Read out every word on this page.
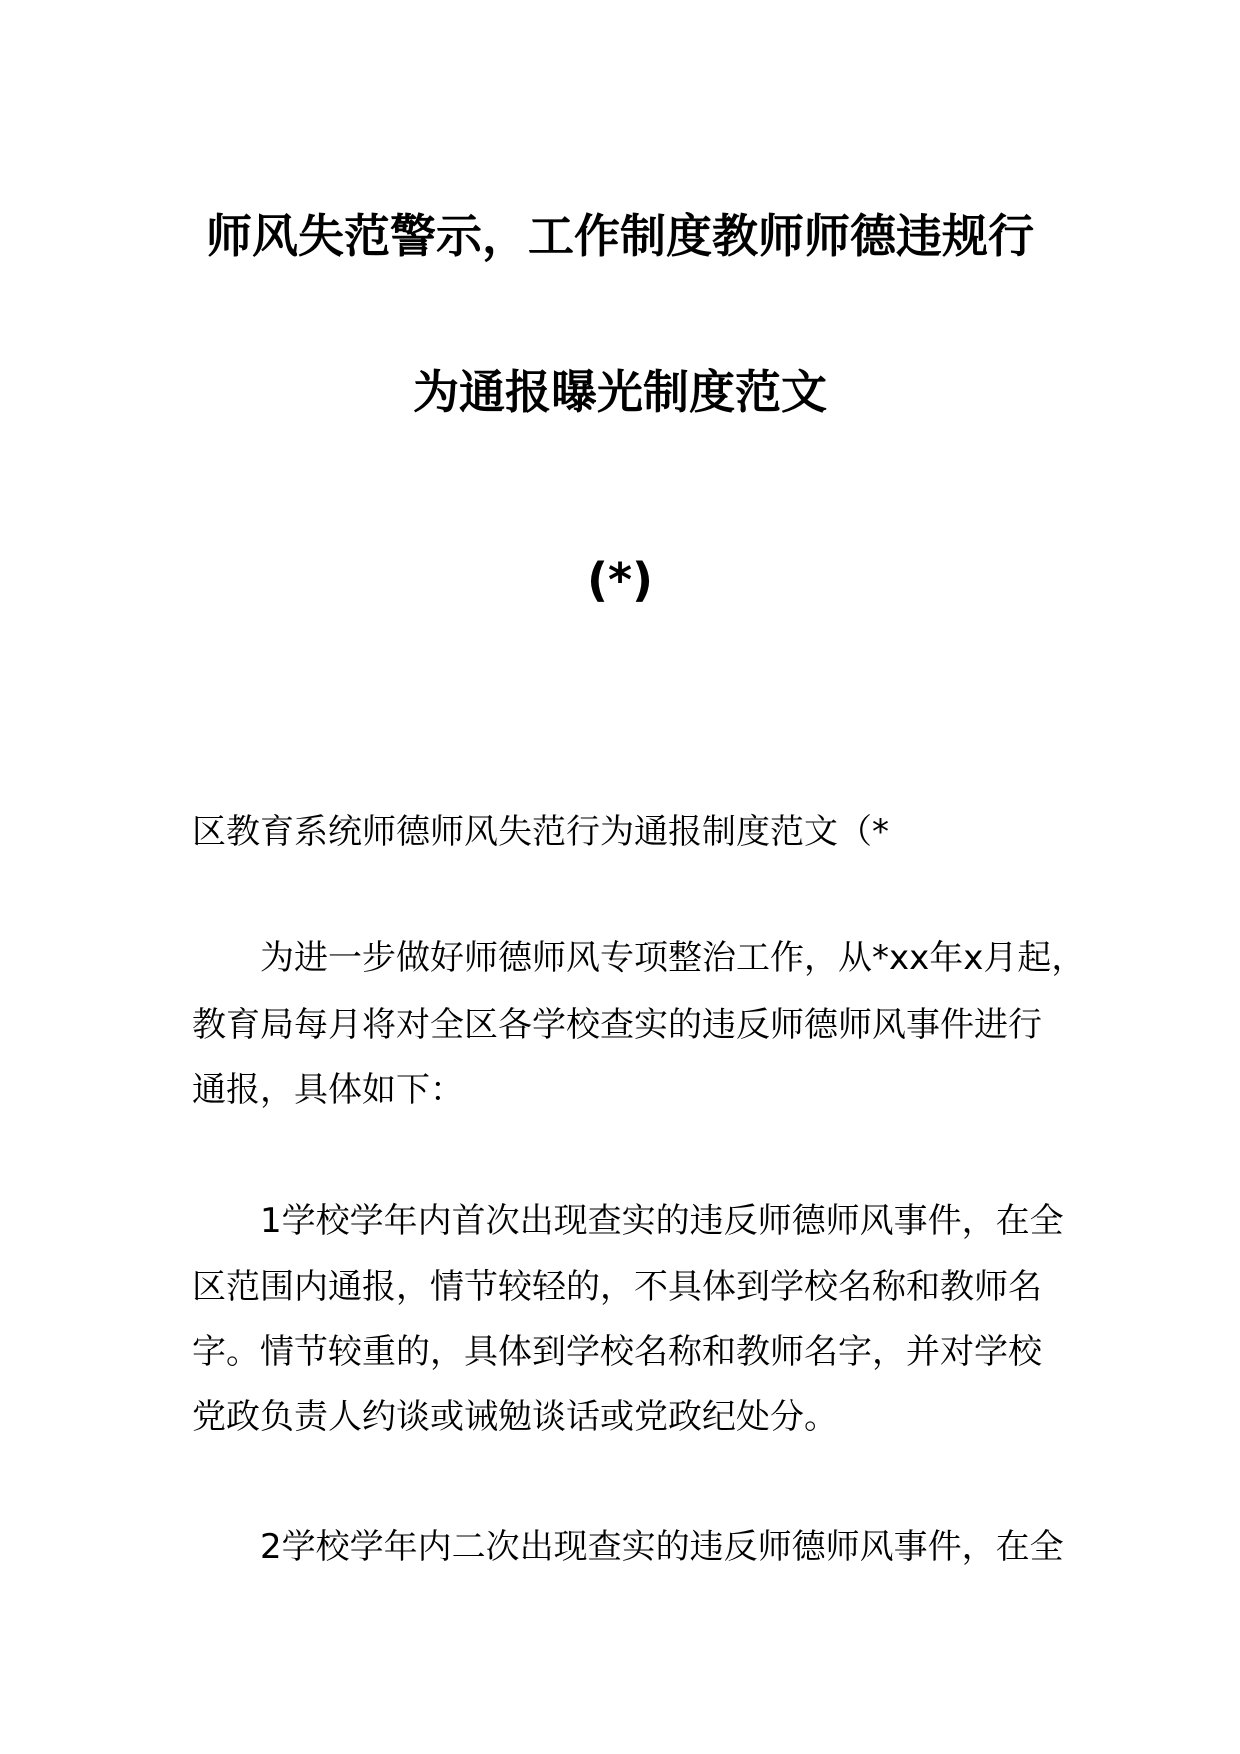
师风失范警示，工作制度教师师德违规行
为通报曝光制度范文
(*)
区教育系统师德师风失范行为通报制度范文（*
为进一步做好师德师风专项整治工作，从*xx年x月起，
教育局每月将对全区各学校查实的违反师德师风事件进行
通报，具体如下：
1学校学年内首次出现查实的违反师德师风事件，在全
区范围内通报，情节较轻的，不具体到学校名称和教师名
字。情节较重的，具体到学校名称和教师名字，并对学校
党政负责人约谈或诫勉谈话或党政纪处分。
2学校学年内二次出现查实的违反师德师风事件，在全
